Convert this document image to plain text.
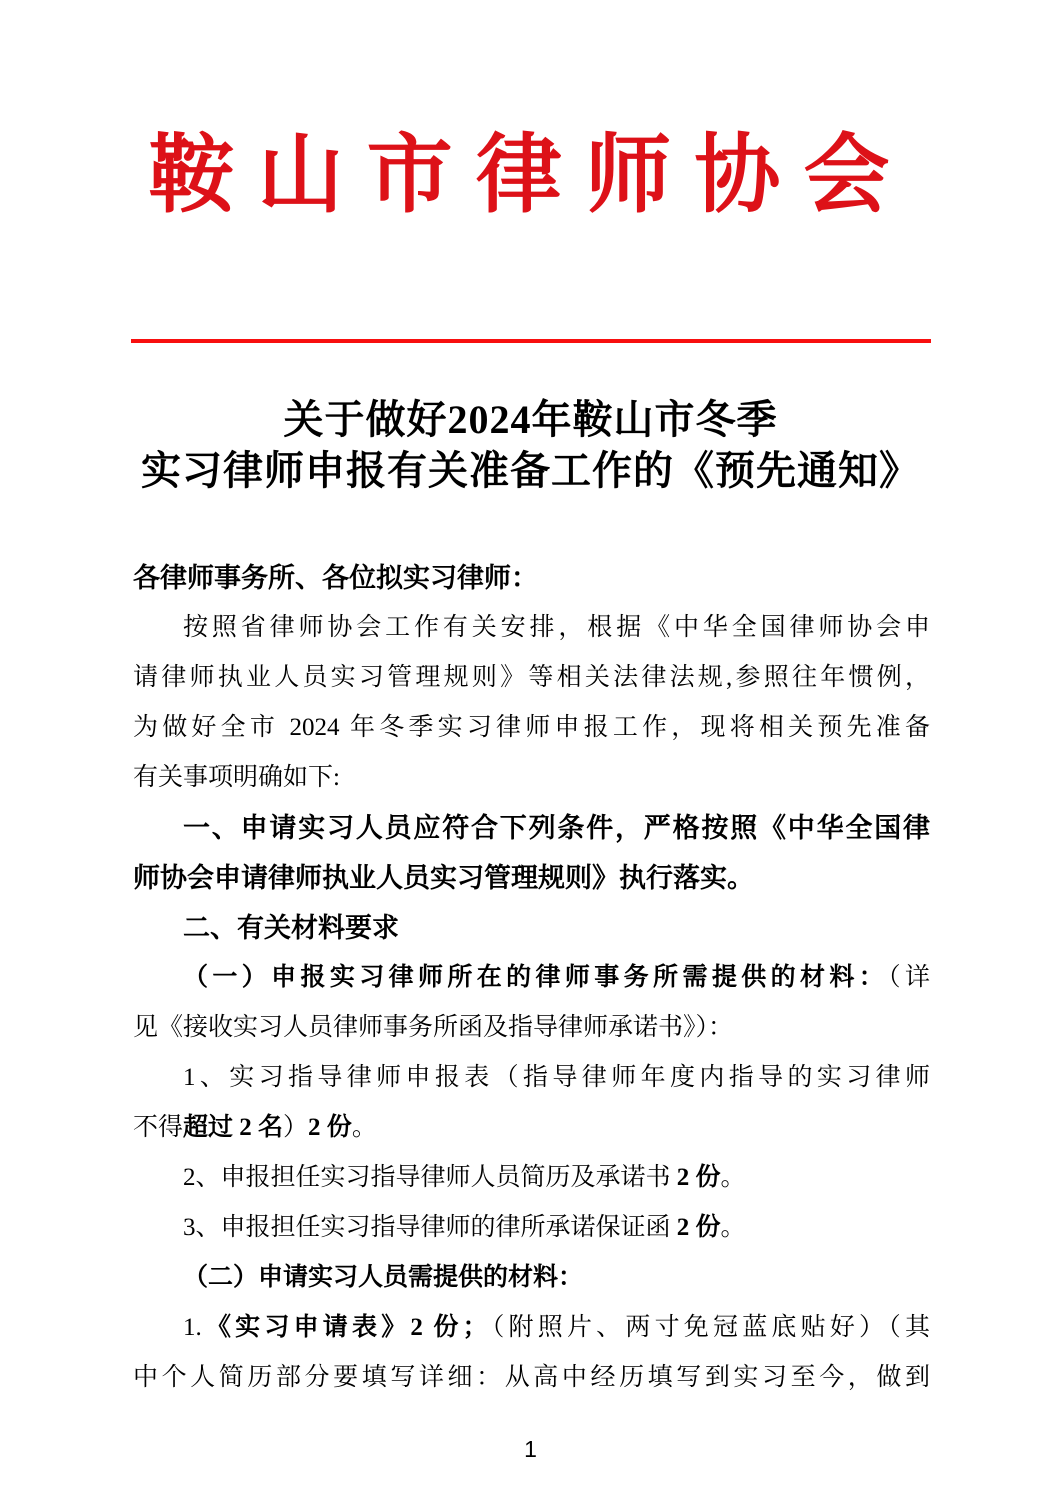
鞍山市律师协会
关于做好2024年鞍山市冬季
实习律师申报有关准备工作的《预先通知》
各律师事务所、各位拟实习律师：
按照省律师协会工作有关安排，根据《中华全国律师协会申
请律师执业人员实习管理规则》等相关法律法规,参照往年惯例，
为做好全市 2024 年冬季实习律师申报工作，现将相关预先准备
有关事项明确如下:
一、申请实习人员应符合下列条件，严格按照《中华全国律
师协会申请律师执业人员实习管理规则》执行落实。
二、有关材料要求
（一）申报实习律师所在的律师事务所需提供的材料：（详
见《接收实习人员律师事务所函及指导律师承诺书》）：
1、实习指导律师申报表（指导律师年度内指导的实习律师
不得超过 2 名）2 份。
2、申报担任实习指导律师人员简历及承诺书 2 份。
3、申报担任实习指导律师的律所承诺保证函 2 份。
（二）申请实习人员需提供的材料：
1.《实习申请表》2 份；（附照片、两寸免冠蓝底贴好）（其
中个人简历部分要填写详细：从高中经历填写到实习至今，做到
1
